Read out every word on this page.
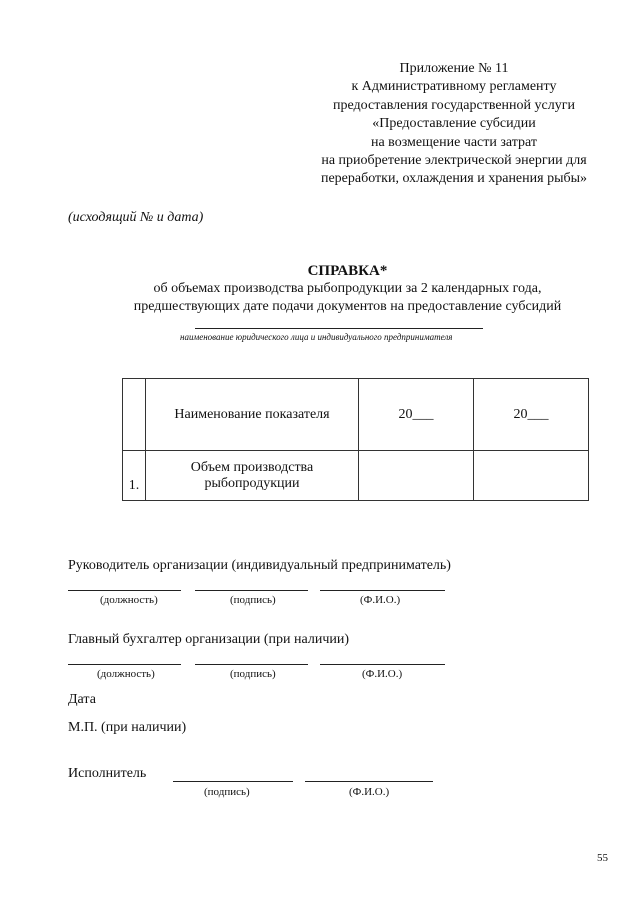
Приложение № 11
к Административному регламенту
предоставления государственной услуги
«Предоставление субсидии
на возмещение части затрат
на приобретение электрической энергии для
переработки, охлаждения и хранения рыбы»
(исходящий № и дата)
СПРАВКА*
об объемах производства рыбопродукции за 2 календарных года,
предшествующих дате подачи документов на предоставление субсидий
наименование юридического лица и индивидуального предпринимателя
	Наименование показателя	20___	20___
1.	Объем производства
рыбопродукции		

Руководитель организации (индивидуальный предприниматель)
(должность)	(подпись)	(Ф.И.О.)
Главный бухгалтер организации (при наличии)
(должность)	(подпись)	(Ф.И.О.)
Дата
М.П. (при наличии)
Исполнитель
(подпись)	(Ф.И.О.)
55
